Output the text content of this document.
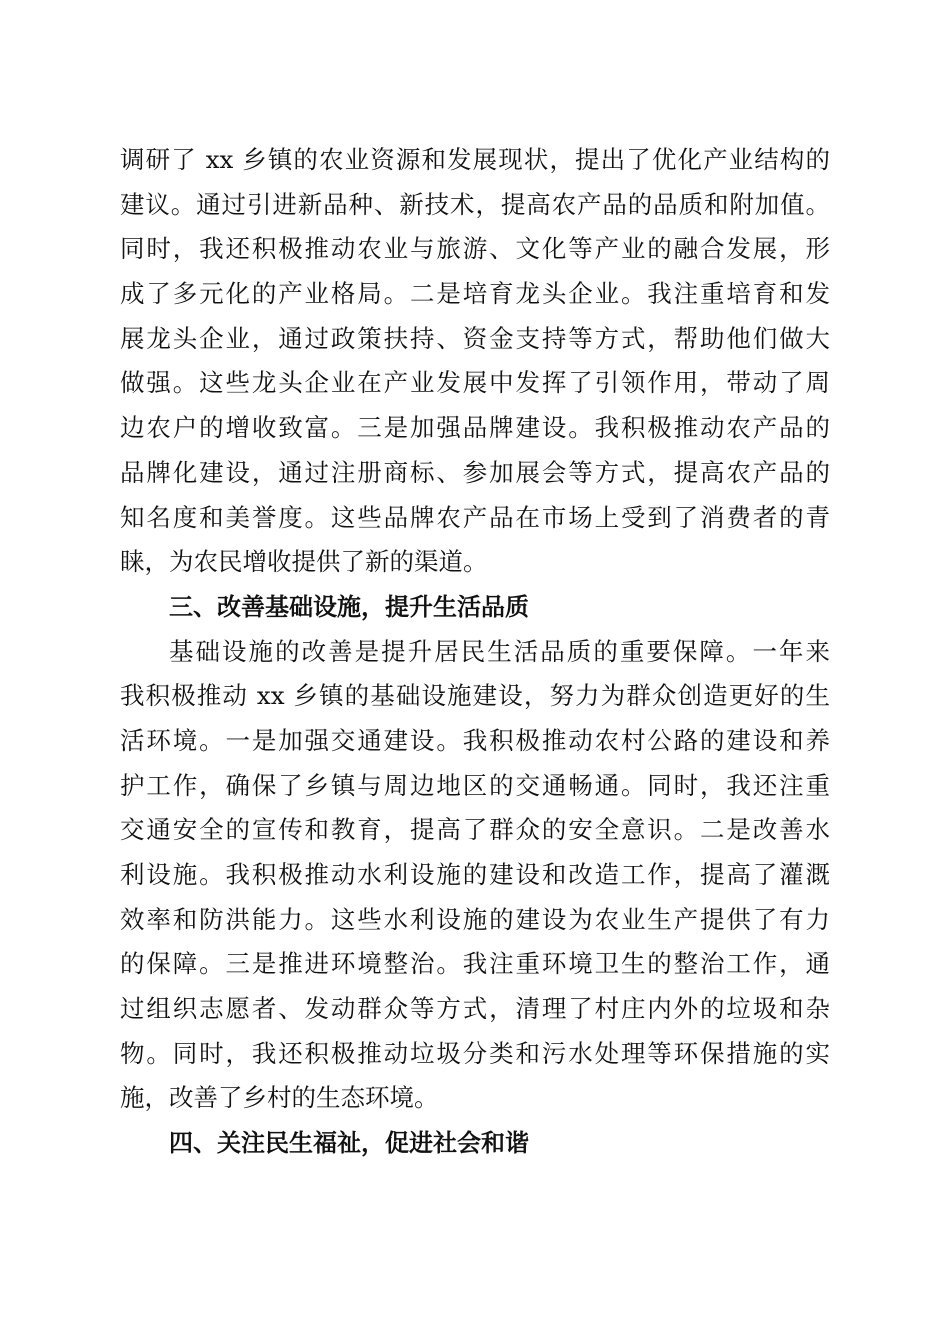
调研了 xx 乡镇的农业资源和发展现状，提出了优化产业结构的
建议。通过引进新品种、新技术，提高农产品的品质和附加值。
同时，我还积极推动农业与旅游、文化等产业的融合发展，形
成了多元化的产业格局。二是培育龙头企业。我注重培育和发
展龙头企业，通过政策扶持、资金支持等方式，帮助他们做大
做强。这些龙头企业在产业发展中发挥了引领作用，带动了周
边农户的增收致富。三是加强品牌建设。我积极推动农产品的
品牌化建设，通过注册商标、参加展会等方式，提高农产品的
知名度和美誉度。这些品牌农产品在市场上受到了消费者的青
睐，为农民增收提供了新的渠道。
三、改善基础设施，提升生活品质
基础设施的改善是提升居民生活品质的重要保障。一年来
我积极推动 xx 乡镇的基础设施建设，努力为群众创造更好的生
活环境。一是加强交通建设。我积极推动农村公路的建设和养
护工作，确保了乡镇与周边地区的交通畅通。同时，我还注重
交通安全的宣传和教育，提高了群众的安全意识。二是改善水
利设施。我积极推动水利设施的建设和改造工作，提高了灌溉
效率和防洪能力。这些水利设施的建设为农业生产提供了有力
的保障。三是推进环境整治。我注重环境卫生的整治工作，通
过组织志愿者、发动群众等方式，清理了村庄内外的垃圾和杂
物。同时，我还积极推动垃圾分类和污水处理等环保措施的实
施，改善了乡村的生态环境。
四、关注民生福祉，促进社会和谐
